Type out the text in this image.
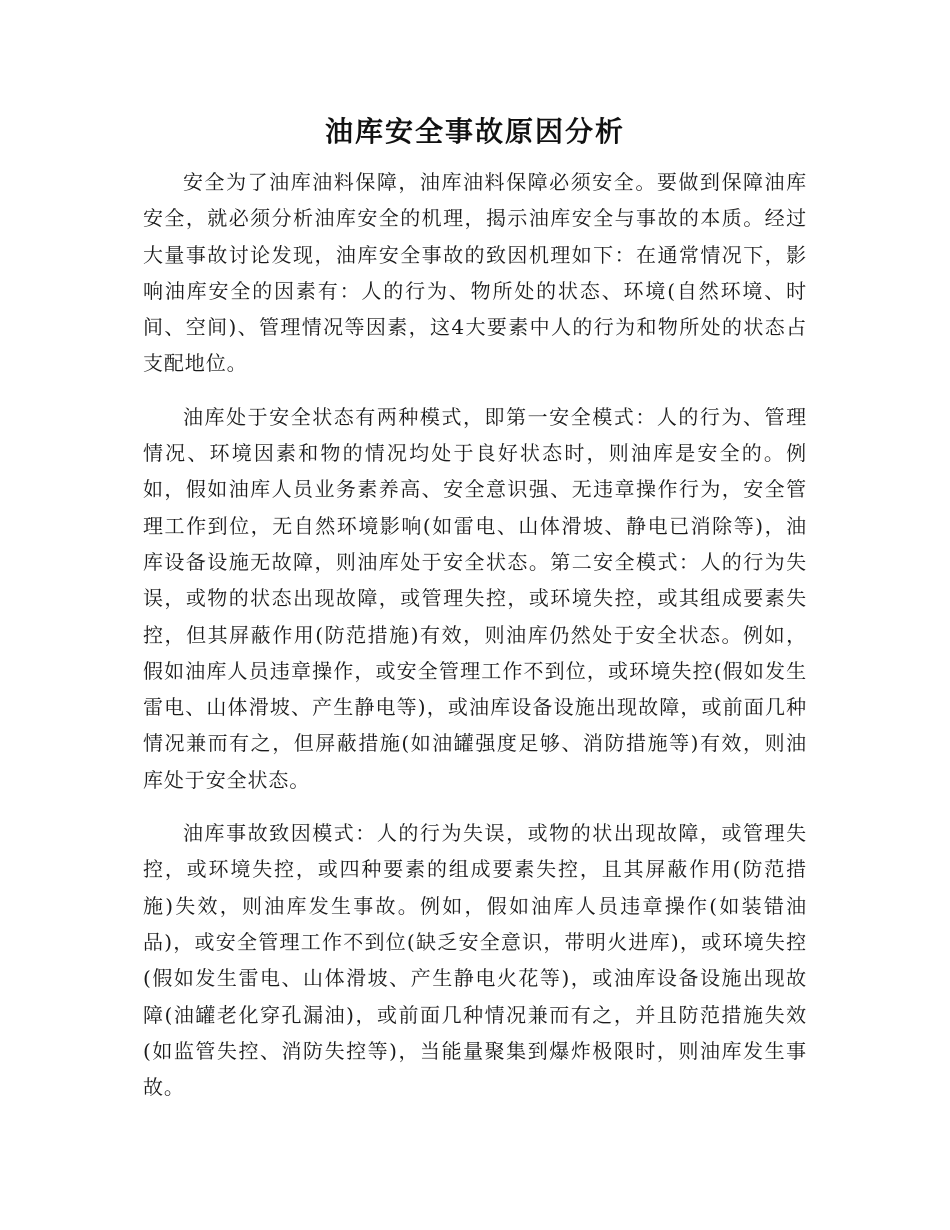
油库安全事故原因分析

安全为了油库油料保障，油库油料保障必须安全。要做到保障油库安全，就必须分析油库安全的机理，揭示油库安全与事故的本质。经过大量事故讨论发现，油库安全事故的致因机理如下：在通常情况下，影响油库安全的因素有：人的行为、物所处的状态、环境(自然环境、时间、空间)、管理情况等因素，这4大要素中人的行为和物所处的状态占支配地位。

油库处于安全状态有两种模式，即第一安全模式：人的行为、管理情况、环境因素和物的情况均处于良好状态时，则油库是安全的。例如，假如油库人员业务素养高、安全意识强、无违章操作行为，安全管理工作到位，无自然环境影响(如雷电、山体滑坡、静电已消除等)，油库设备设施无故障，则油库处于安全状态。第二安全模式：人的行为失误，或物的状态出现故障，或管理失控，或环境失控，或其组成要素失控，但其屏蔽作用(防范措施)有效，则油库仍然处于安全状态。例如，假如油库人员违章操作，或安全管理工作不到位，或环境失控(假如发生雷电、山体滑坡、产生静电等)，或油库设备设施出现故障，或前面几种情况兼而有之，但屏蔽措施(如油罐强度足够、消防措施等)有效，则油库处于安全状态。

油库事故致因模式：人的行为失误，或物的状出现故障，或管理失控，或环境失控，或四种要素的组成要素失控，且其屏蔽作用(防范措施)失效，则油库发生事故。例如，假如油库人员违章操作(如装错油品)，或安全管理工作不到位(缺乏安全意识，带明火进库)，或环境失控(假如发生雷电、山体滑坡、产生静电火花等)，或油库设备设施出现故障(油罐老化穿孔漏油)，或前面几种情况兼而有之，并且防范措施失效(如监管失控、消防失控等)，当能量聚集到爆炸极限时，则油库发生事故。
